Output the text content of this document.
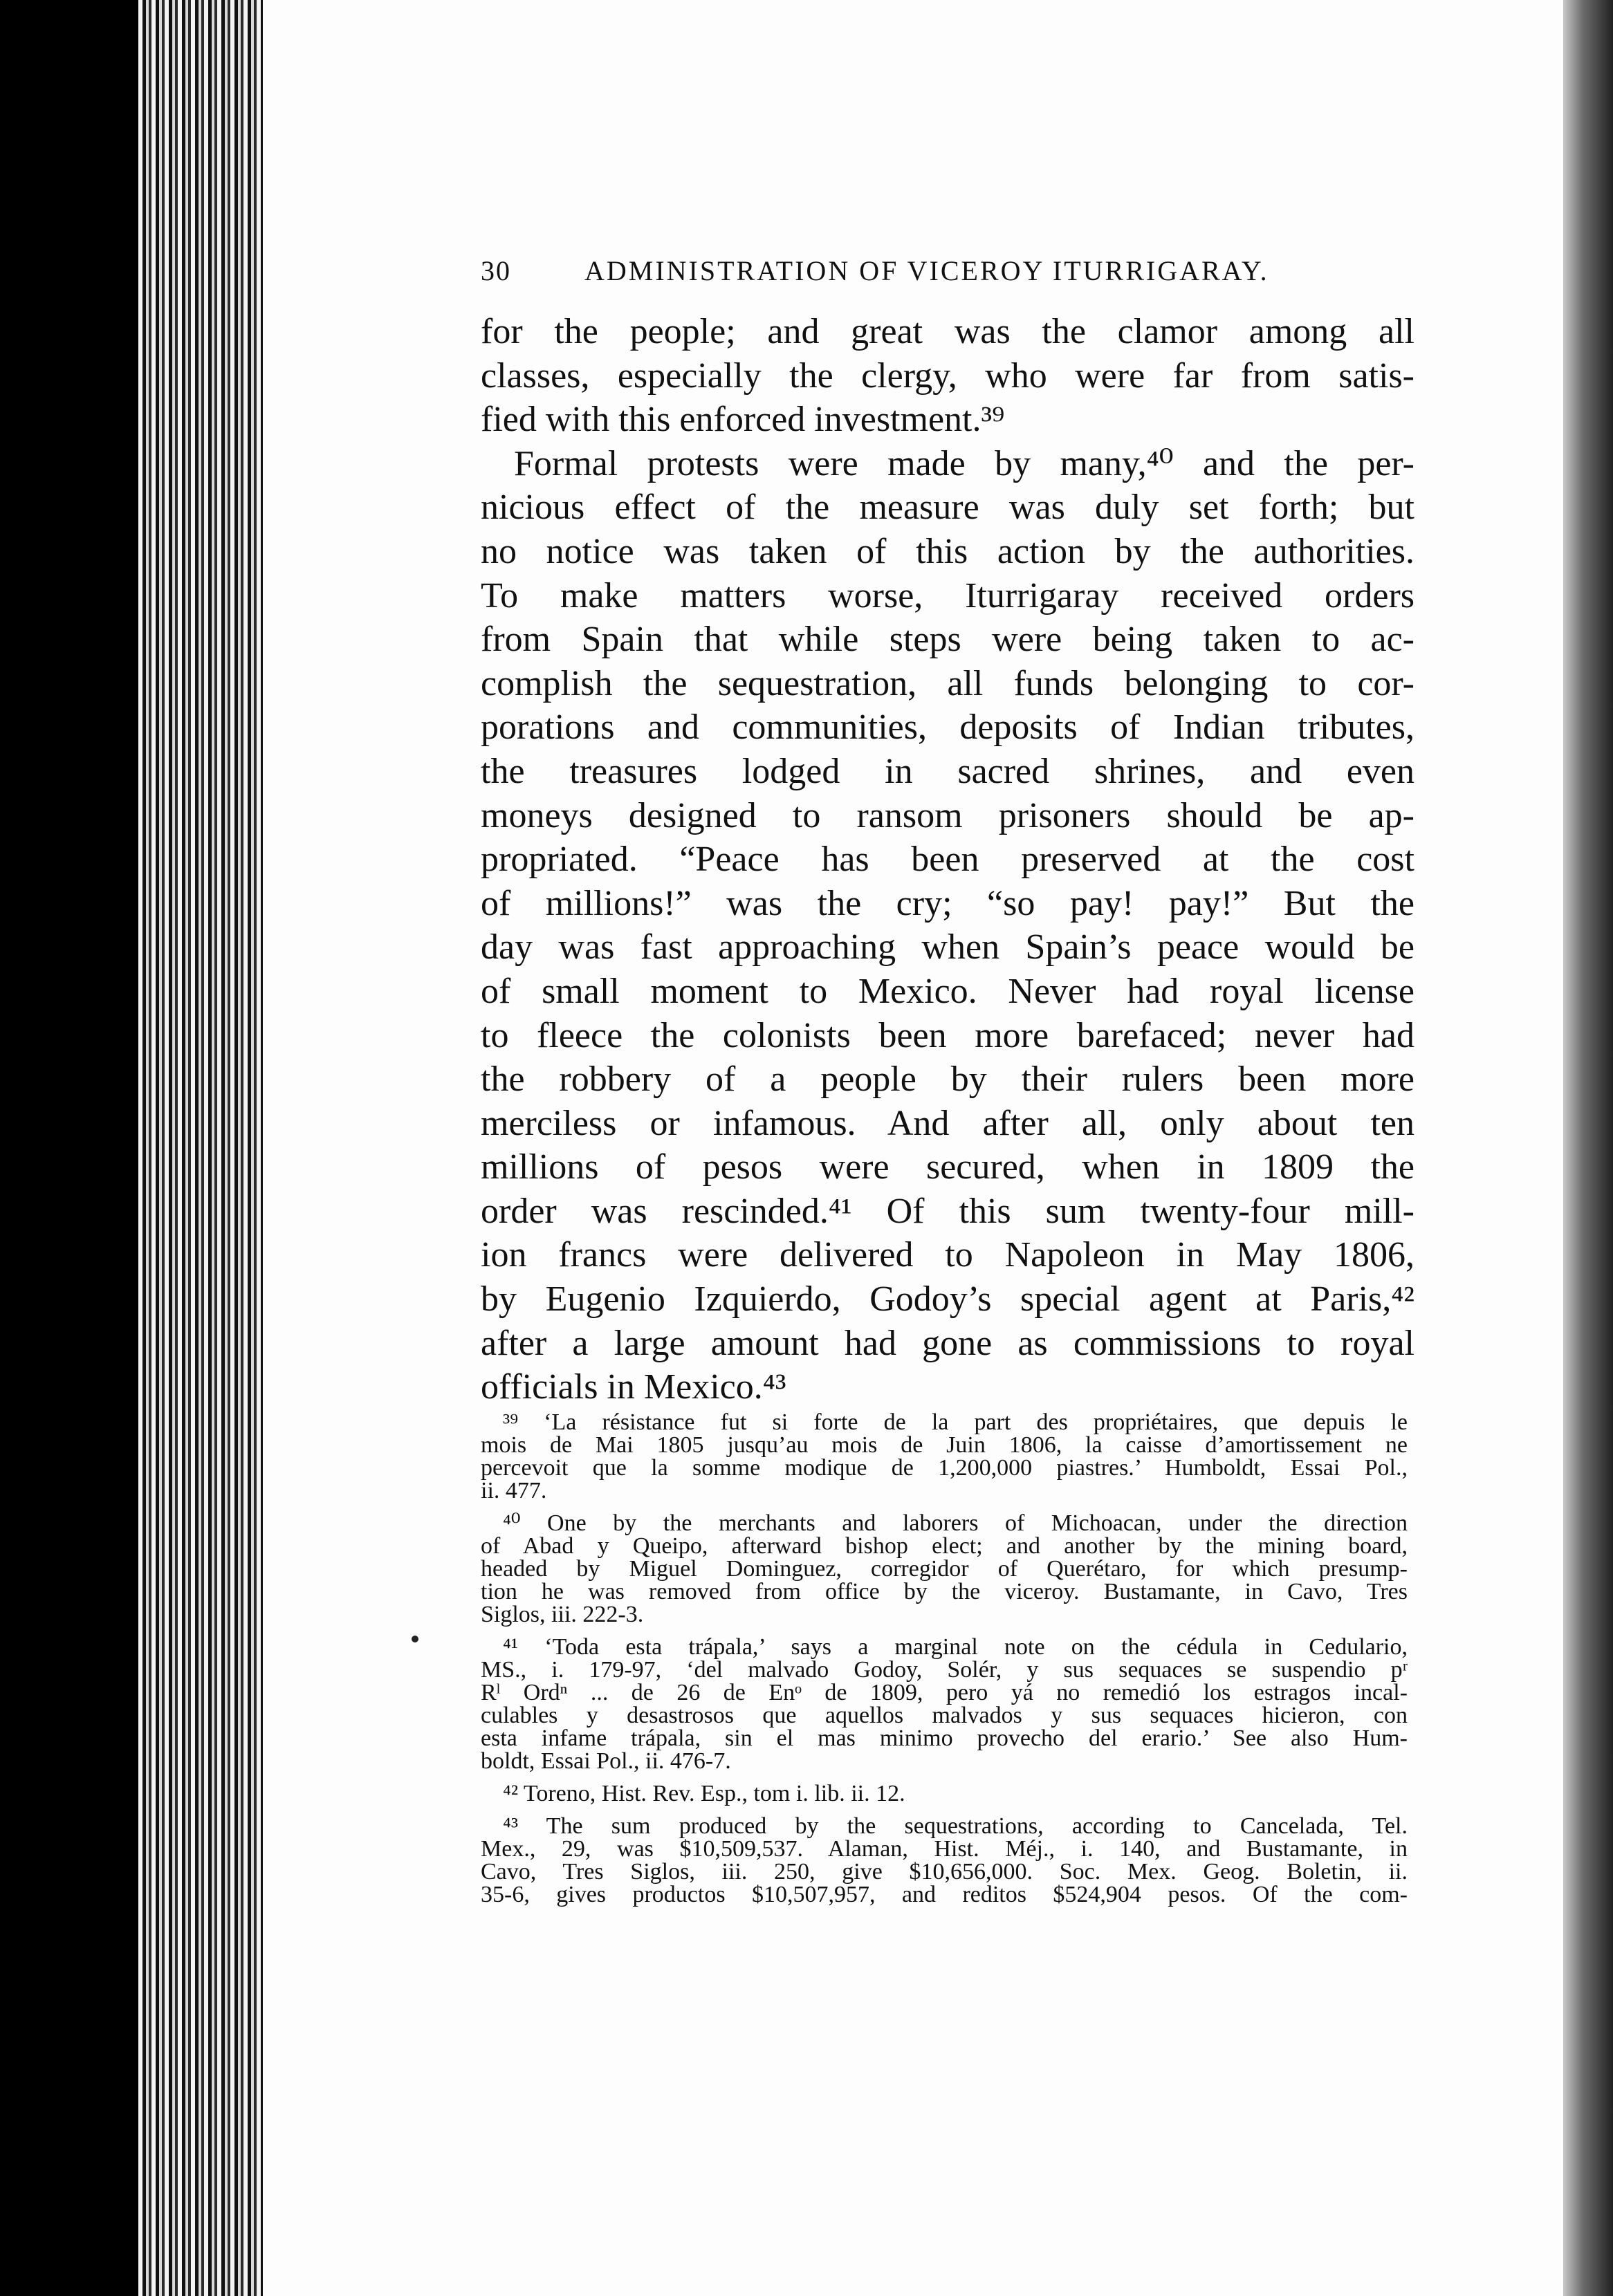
30	ADMINISTRATION OF VICEROY ITURRIGARAY.
for the people; and great was the clamor among all
classes, especially the clergy, who were far from satis-
fied with this enforced investment.³⁹
Formal protests were made by many,⁴⁰ and the per-
nicious effect of the measure was duly set forth; but
no notice was taken of this action by the authorities.
To make matters worse, Iturrigaray received orders
from Spain that while steps were being taken to ac-
complish the sequestration, all funds belonging to cor-
porations and communities, deposits of Indian tributes,
the treasures lodged in sacred shrines, and even
moneys designed to ransom prisoners should be ap-
propriated. “Peace has been preserved at the cost
of millions!” was the cry; “so pay! pay!” But the
day was fast approaching when Spain’s peace would be
of small moment to Mexico. Never had royal license
to fleece the colonists been more barefaced; never had
the robbery of a people by their rulers been more
merciless or infamous. And after all, only about ten
millions of pesos were secured, when in 1809 the
order was rescinded.⁴¹ Of this sum twenty-four mill-
ion francs were delivered to Napoleon in May 1806,
by Eugenio Izquierdo, Godoy’s special agent at Paris,⁴²
after a large amount had gone as commissions to royal
officials in Mexico.⁴³
³⁹ ‘La résistance fut si forte de la part des propriétaires, que depuis le
mois de Mai 1805 jusqu’au mois de Juin 1806, la caisse d’amortissement ne
percevoit que la somme modique de 1,200,000 piastres.’ Humboldt, Essai Pol.,
ii. 477.
⁴⁰ One by the merchants and laborers of Michoacan, under the direction
of Abad y Queipo, afterward bishop elect; and another by the mining board,
headed by Miguel Dominguez, corregidor of Querétaro, for which presump-
tion he was removed from office by the viceroy. Bustamante, in Cavo, Tres
Siglos, iii. 222-3.
⁴¹ ‘Toda esta trápala,’ says a marginal note on the cédula in Cedulario,
MS., i. 179-97, ‘del malvado Godoy, Solér, y sus sequaces se suspendio pʳ
Rˡ Ordⁿ ... de 26 de Enᵒ de 1809, pero yá no remedió los estragos incal-
culables y desastrosos que aquellos malvados y sus sequaces hicieron, con
esta infame trápala, sin el mas minimo provecho del erario.’ See also Hum-
boldt, Essai Pol., ii. 476-7.
⁴² Toreno, Hist. Rev. Esp., tom i. lib. ii. 12.
⁴³ The sum produced by the sequestrations, according to Cancelada, Tel.
Mex., 29, was $10,509,537. Alaman, Hist. Méj., i. 140, and Bustamante, in
Cavo, Tres Siglos, iii. 250, give $10,656,000. Soc. Mex. Geog. Boletin, ii.
35-6, gives productos $10,507,957, and reditos $524,904 pesos. Of the com-
